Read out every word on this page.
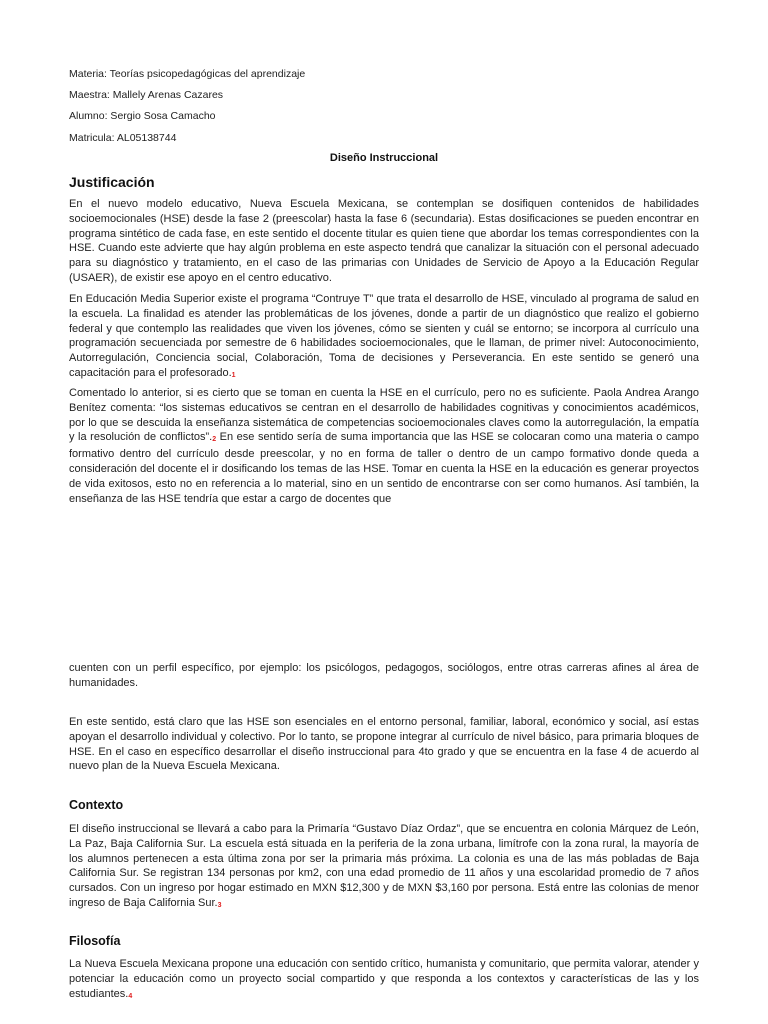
Materia: Teorías psicopedagógicas del aprendizaje
Maestra: Mallely Arenas Cazares
Alumno: Sergio Sosa Camacho
Matricula: AL05138744
Diseño Instruccional
Justificación
En el nuevo modelo educativo, Nueva Escuela Mexicana, se contemplan se dosifiquen contenidos de habilidades socioemocionales (HSE) desde la fase 2 (preescolar) hasta la fase 6 (secundaria). Estas dosificaciones se pueden encontrar en programa sintético de cada fase, en este sentido el docente titular es quien tiene que abordar los temas correspondientes con la HSE. Cuando este advierte que hay algún problema en este aspecto tendrá que canalizar la situación con el personal adecuado para su diagnóstico y tratamiento, en el caso de las primarias con Unidades de Servicio de Apoyo a la Educación Regular (USAER), de existir ese apoyo en el centro educativo.
En Educación Media Superior existe el programa “Contruye T” que trata el desarrollo de HSE, vinculado al programa de salud en la escuela. La finalidad es atender las problemáticas de los jóvenes, donde a partir de un diagnóstico que realizo el gobierno federal y que contemplo las realidades que viven los jóvenes, cómo se sienten y cuál se entorno; se incorpora al currículo una programación secuenciada por semestre de 6 habilidades socioemocionales, que le llaman, de primer nivel: Autoconocimiento, Autorregulación, Conciencia social, Colaboración, Toma de decisiones y Perseverancia. En este sentido se generó una capacitación para el profesorado.1
Comentado lo anterior, si es cierto que se toman en cuenta la HSE en el currículo, pero no es suficiente. Paola Andrea Arango Benítez comenta: “los sistemas educativos se centran en el desarrollo de habilidades cognitivas y conocimientos académicos, por lo que se descuida la enseñanza sistemática de competencias socioemocionales claves como la autorregulación, la empatía y la resolución de conflictos”.2 En ese sentido sería de suma importancia que las HSE se colocaran como una materia o campo formativo dentro del currículo desde preescolar, y no en forma de taller o dentro de un campo formativo donde queda a consideración del docente el ir dosificando los temas de las HSE. Tomar en cuenta la HSE en la educación es generar proyectos de vida exitosos, esto no en referencia a lo material, sino en un sentido de encontrarse con ser como humanos. Así también, la enseñanza de las HSE tendría que estar a cargo de docentes que
cuenten con un perfil específico, por ejemplo: los psicólogos, pedagogos, sociólogos, entre otras carreras afines al área de humanidades.
En este sentido, está claro que las HSE son esenciales en el entorno personal, familiar, laboral, económico y social, así estas apoyan el desarrollo individual y colectivo. Por lo tanto, se propone integrar al currículo de nivel básico, para primaria bloques de HSE. En el caso en específico desarrollar el diseño instruccional para 4to grado y que se encuentra en la fase 4 de acuerdo al nuevo plan de la Nueva Escuela Mexicana.
Contexto
El diseño instruccional se llevará a cabo para la Primaría “Gustavo Díaz Ordaz”, que se encuentra en colonia Márquez de León, La Paz, Baja California Sur. La escuela está situada en la periferia de la zona urbana, limítrofe con la zona rural, la mayoría de los alumnos pertenecen a esta última zona por ser la primaria más próxima. La colonia es una de las más pobladas de Baja California Sur. Se registran 134 personas por km2, con una edad promedio de 11 años y una escolaridad promedio de 7 años cursados. Con un ingreso por hogar estimado en MXN $12,300 y de MXN $3,160 por persona. Está entre las colonias de menor ingreso de Baja California Sur.3
Filosofía
La Nueva Escuela Mexicana propone una educación con sentido crítico, humanista y comunitario, que permita valorar, atender y potenciar la educación como un proyecto social compartido y que responda a los contextos y características de las y los estudiantes.4
